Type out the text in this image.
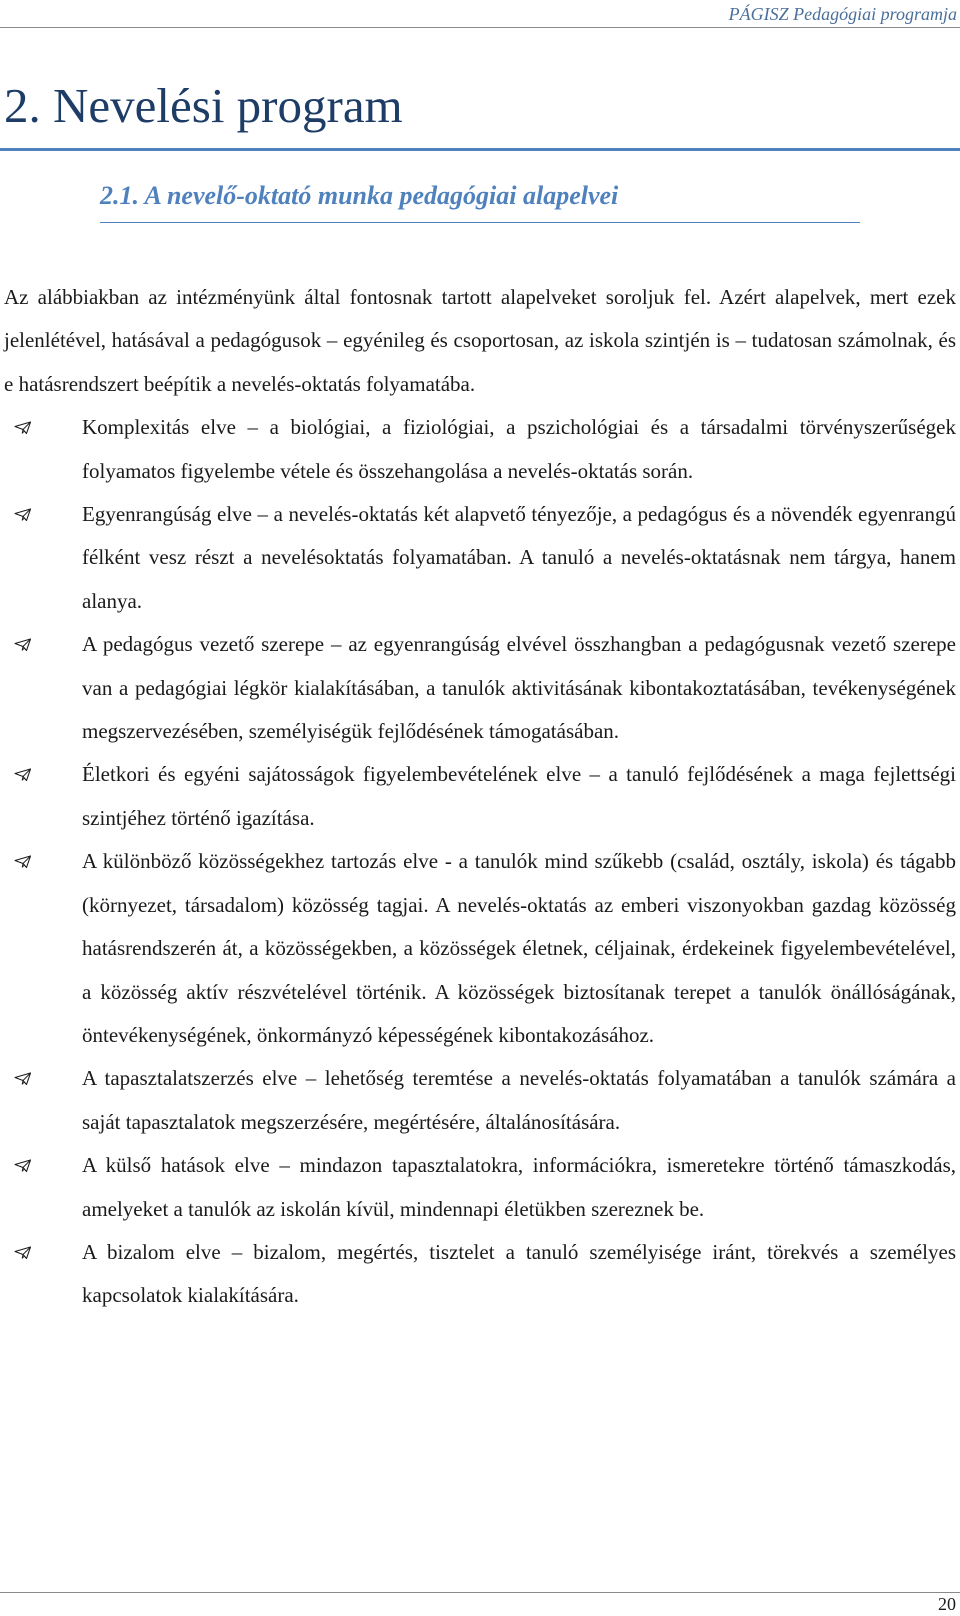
PÁGISZ Pedagógiai programja
2. Nevelési program
2.1. A nevelő-oktató munka pedagógiai alapelvei

Az alábbiakban az intézményünk által fontosnak tartott alapelveket soroljuk fel. Azért alapelvek, mert ezek jelenlétével, hatásával a pedagógusok – egyénileg és csoportosan, az iskola szintjén is – tudatosan számolnak, és e hatásrendszert beépítik a nevelés-oktatás folyamatába.

Komplexitás elve – a biológiai, a fiziológiai, a pszichológiai és a társadalmi törvényszerűségek folyamatos figyelembe vétele és összehangolása a nevelés-oktatás során.
Egyenrangúság elve – a nevelés-oktatás két alapvető tényezője, a pedagógus és a növendék egyenrangú félként vesz részt a nevelésoktatás folyamatában. A tanuló a nevelés-oktatásnak nem tárgya, hanem alanya.
A pedagógus vezető szerepe – az egyenrangúság elvével összhangban a pedagógusnak vezető szerepe van a pedagógiai légkör kialakításában, a tanulók aktivitásának kibontakoztatásában, tevékenységének megszervezésében, személyiségük fejlődésének támogatásában.
Életkori és egyéni sajátosságok figyelembevételének elve – a tanuló fejlődésének a maga fejlettségi szintjéhez történő igazítása.
A különböző közösségekhez tartozás elve - a tanulók mind szűkebb (család, osztály, iskola) és tágabb (környezet, társadalom) közösség tagjai. A nevelés-oktatás az emberi viszonyokban gazdag közösség hatásrendszerén át, a közösségekben, a közösségek életnek, céljainak, érdekeinek figyelembevételével, a közösség aktív részvételével történik. A közösségek biztosítanak terepet a tanulók önállóságának, öntevékenységének, önkormányzó képességének kibontakozásához.
A tapasztalatszerzés elve – lehetőség teremtése a nevelés-oktatás folyamatában a tanulók számára a saját tapasztalatok megszerzésére, megértésére, általánosítására.
A külső hatások elve – mindazon tapasztalatokra, információkra, ismeretekre történő támaszkodás, amelyeket a tanulók az iskolán kívül, mindennapi életükben szereznek be.
A bizalom elve – bizalom, megértés, tisztelet a tanuló személyisége iránt, törekvés a személyes kapcsolatok kialakítására.
20
